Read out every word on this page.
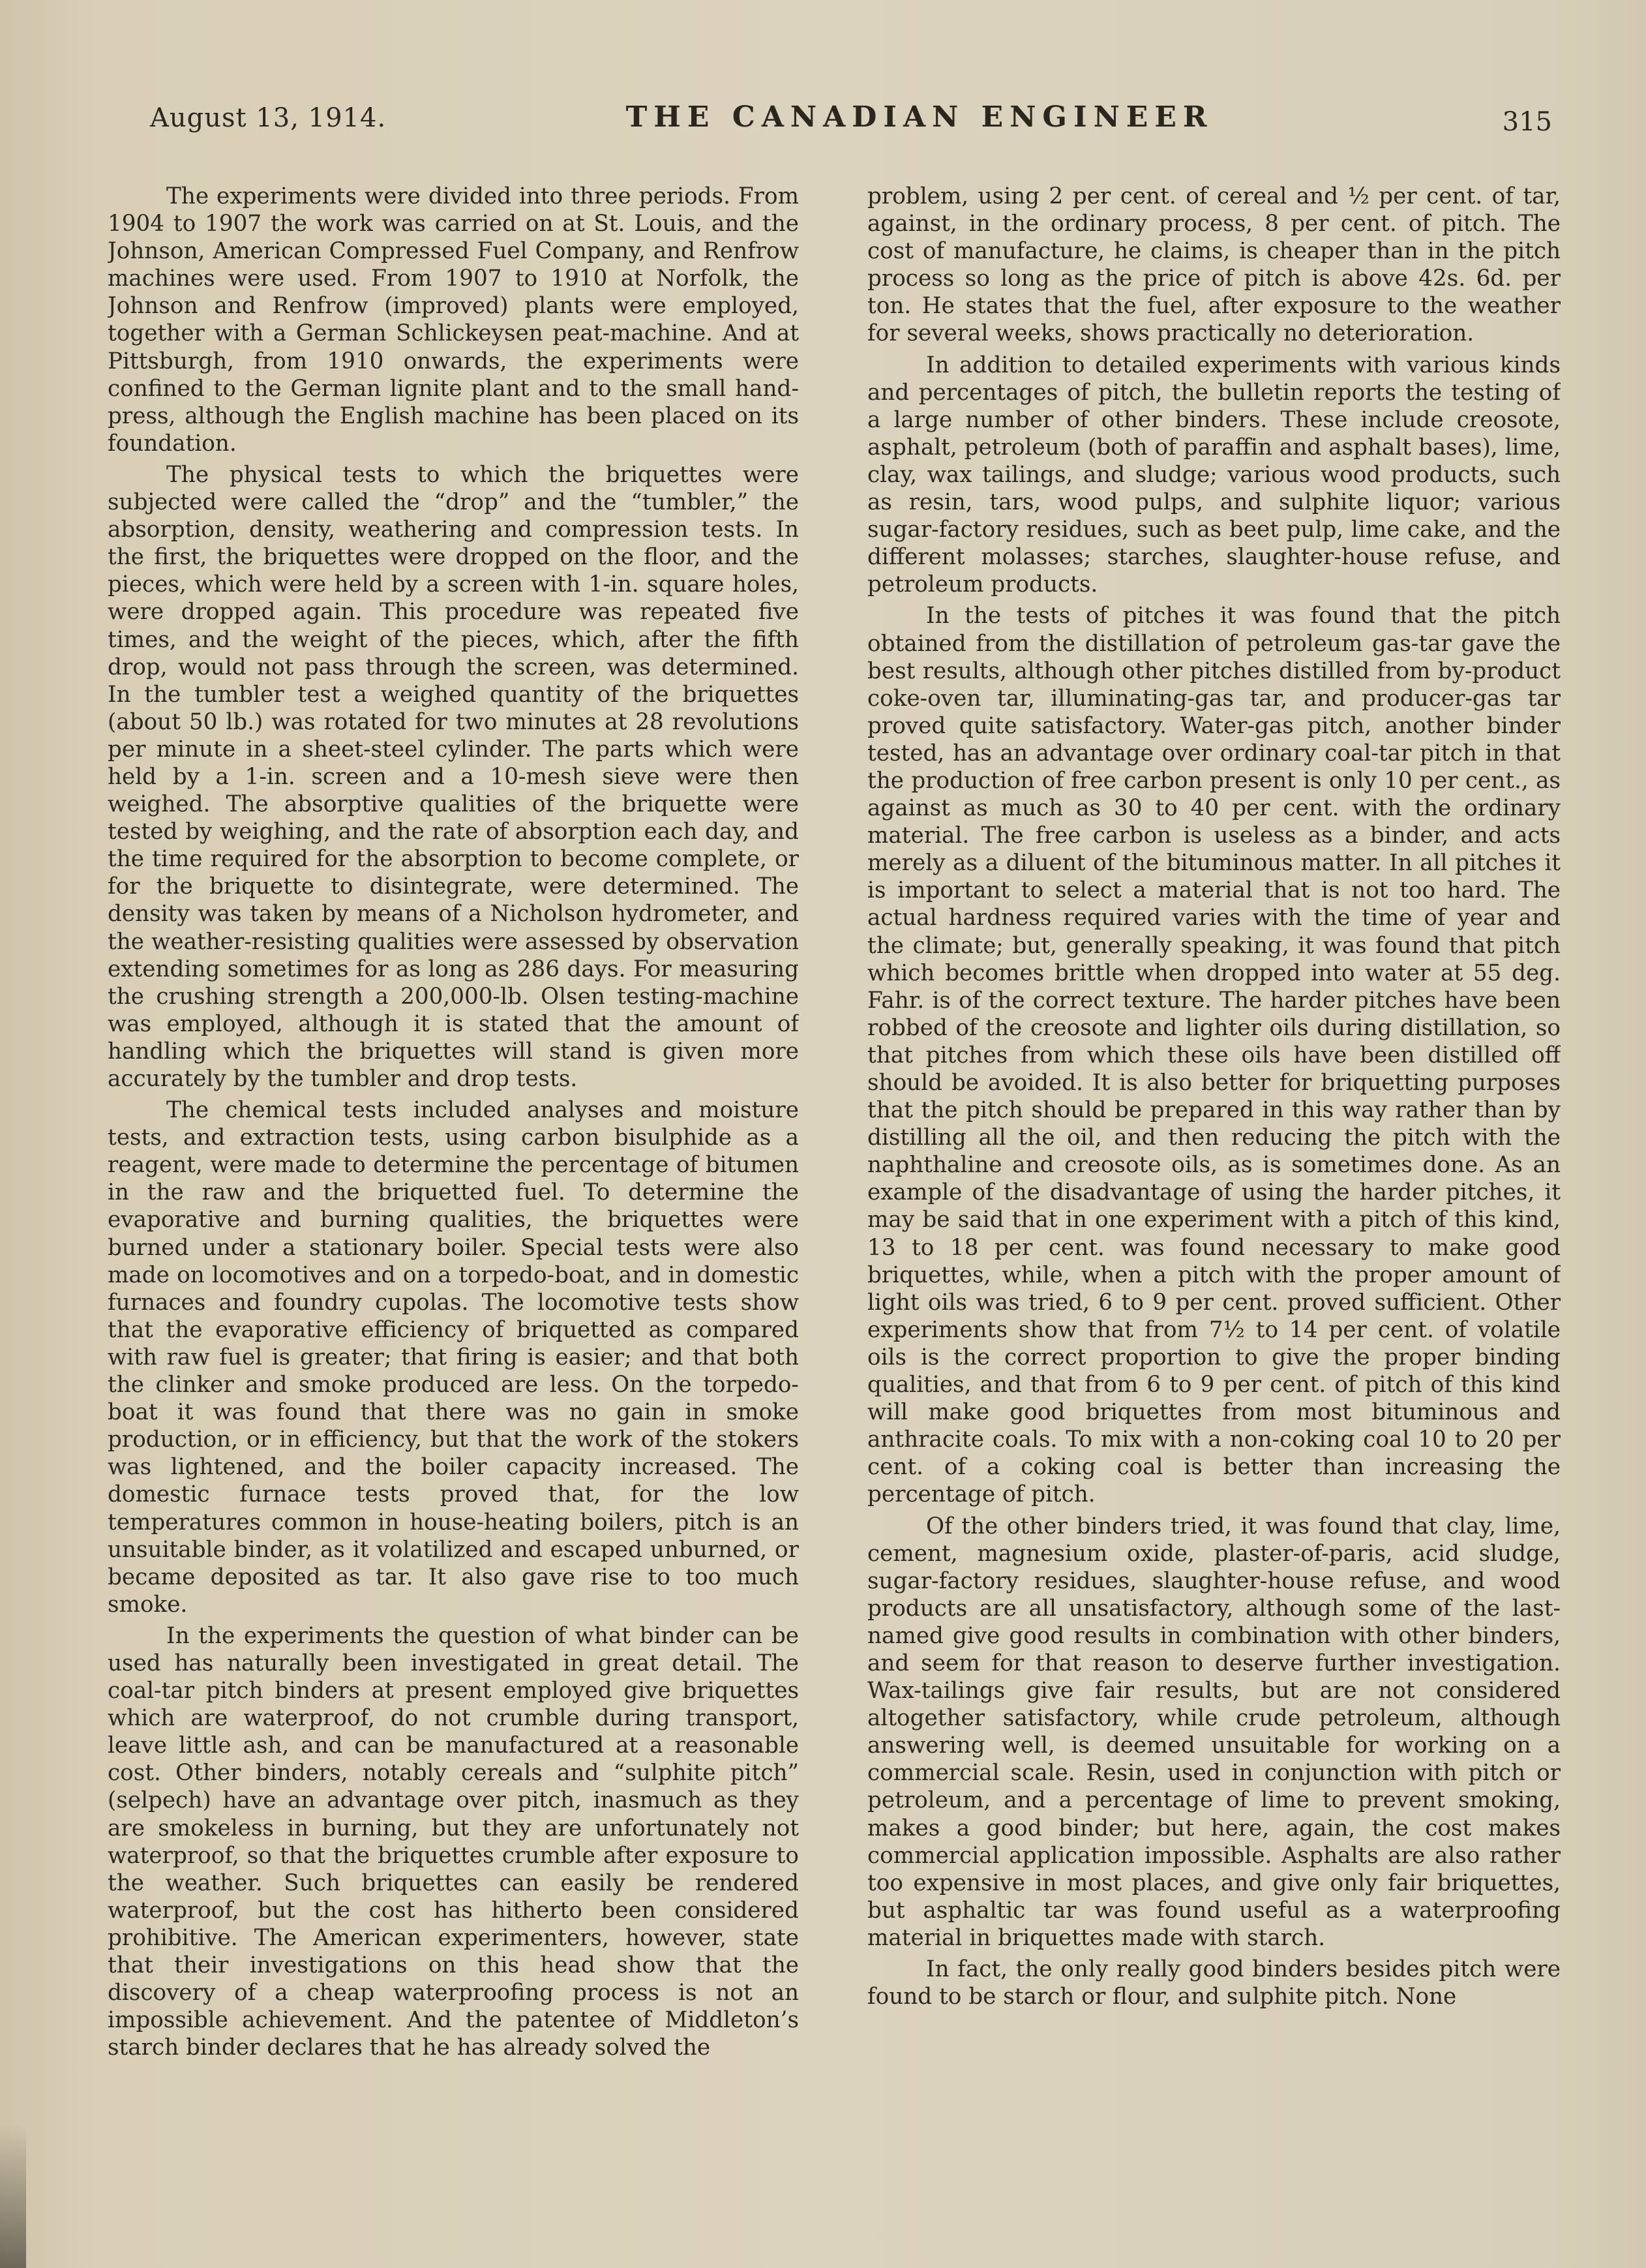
August 13, 1914.	THE CANADIAN ENGINEER	315

The experiments were divided into three periods. From 1904 to 1907 the work was carried on at St. Louis, and the Johnson, American Compressed Fuel Company, and Renfrow machines were used. From 1907 to 1910 at Norfolk, the Johnson and Renfrow (improved) plants were employed, together with a German Schlickeysen peat-machine. And at Pittsburgh, from 1910 onwards, the experiments were confined to the German lignite plant and to the small hand-press, although the English machine has been placed on its foundation.

The physical tests to which the briquettes were subjected were called the “drop” and the “tumbler,” the absorption, density, weathering and compression tests. In the first, the briquettes were dropped on the floor, and the pieces, which were held by a screen with 1-in. square holes, were dropped again. This procedure was repeated five times, and the weight of the pieces, which, after the fifth drop, would not pass through the screen, was determined. In the tumbler test a weighed quantity of the briquettes (about 50 lb.) was rotated for two minutes at 28 revolutions per minute in a sheet-steel cylinder. The parts which were held by a 1-in. screen and a 10-mesh sieve were then weighed. The absorptive qualities of the briquette were tested by weighing, and the rate of absorption each day, and the time required for the absorption to become complete, or for the briquette to disintegrate, were determined. The density was taken by means of a Nicholson hydrometer, and the weather-resisting qualities were assessed by observation extending sometimes for as long as 286 days. For measuring the crushing strength a 200,000-lb. Olsen testing-machine was employed, although it is stated that the amount of handling which the briquettes will stand is given more accurately by the tumbler and drop tests.

The chemical tests included analyses and moisture tests, and extraction tests, using carbon bisulphide as a reagent, were made to determine the percentage of bitumen in the raw and the briquetted fuel. To determine the evaporative and burning qualities, the briquettes were burned under a stationary boiler. Special tests were also made on locomotives and on a torpedo-boat, and in domestic furnaces and foundry cupolas. The locomotive tests show that the evaporative efficiency of briquetted as compared with raw fuel is greater; that firing is easier; and that both the clinker and smoke produced are less. On the torpedo-boat it was found that there was no gain in smoke production, or in efficiency, but that the work of the stokers was lightened, and the boiler capacity increased. The domestic furnace tests proved that, for the low temperatures common in house-heating boilers, pitch is an unsuitable binder, as it volatilized and escaped unburned, or became deposited as tar. It also gave rise to too much smoke.

In the experiments the question of what binder can be used has naturally been investigated in great detail. The coal-tar pitch binders at present employed give briquettes which are waterproof, do not crumble during transport, leave little ash, and can be manufactured at a reasonable cost. Other binders, notably cereals and “sulphite pitch” (selpech) have an advantage over pitch, inasmuch as they are smokeless in burning, but they are unfortunately not waterproof, so that the briquettes crumble after exposure to the weather. Such briquettes can easily be rendered waterproof, but the cost has hitherto been considered prohibitive. The American experimenters, however, state that their investigations on this head show that the discovery of a cheap waterproofing process is not an impossible achievement. And the patentee of Middleton’s starch binder declares that he has already solved the

problem, using 2 per cent. of cereal and ½ per cent. of tar, against, in the ordinary process, 8 per cent. of pitch. The cost of manufacture, he claims, is cheaper than in the pitch process so long as the price of pitch is above 42s. 6d. per ton. He states that the fuel, after exposure to the weather for several weeks, shows practically no deterioration.

In addition to detailed experiments with various kinds and percentages of pitch, the bulletin reports the testing of a large number of other binders. These include creosote, asphalt, petroleum (both of paraffin and asphalt bases), lime, clay, wax tailings, and sludge; various wood products, such as resin, tars, wood pulps, and sulphite liquor; various sugar-factory residues, such as beet pulp, lime cake, and the different molasses; starches, slaughter-house refuse, and petroleum products.

In the tests of pitches it was found that the pitch obtained from the distillation of petroleum gas-tar gave the best results, although other pitches distilled from by-product coke-oven tar, illuminating-gas tar, and producer-gas tar proved quite satisfactory. Water-gas pitch, another binder tested, has an advantage over ordinary coal-tar pitch in that the production of free carbon present is only 10 per cent., as against as much as 30 to 40 per cent. with the ordinary material. The free carbon is useless as a binder, and acts merely as a diluent of the bituminous matter. In all pitches it is important to select a material that is not too hard. The actual hardness required varies with the time of year and the climate; but, generally speaking, it was found that pitch which becomes brittle when dropped into water at 55 deg. Fahr. is of the correct texture. The harder pitches have been robbed of the creosote and lighter oils during distillation, so that pitches from which these oils have been distilled off should be avoided. It is also better for briquetting purposes that the pitch should be prepared in this way rather than by distilling all the oil, and then reducing the pitch with the naphthaline and creosote oils, as is sometimes done. As an example of the disadvantage of using the harder pitches, it may be said that in one experiment with a pitch of this kind, 13 to 18 per cent. was found necessary to make good briquettes, while, when a pitch with the proper amount of light oils was tried, 6 to 9 per cent. proved sufficient. Other experiments show that from 7½ to 14 per cent. of volatile oils is the correct proportion to give the proper binding qualities, and that from 6 to 9 per cent. of pitch of this kind will make good briquettes from most bituminous and anthracite coals. To mix with a non-coking coal 10 to 20 per cent. of a coking coal is better than increasing the percentage of pitch.

Of the other binders tried, it was found that clay, lime, cement, magnesium oxide, plaster-of-paris, acid sludge, sugar-factory residues, slaughter-house refuse, and wood products are all unsatisfactory, although some of the last-named give good results in combination with other binders, and seem for that reason to deserve further investigation. Wax-tailings give fair results, but are not considered altogether satisfactory, while crude petroleum, although answering well, is deemed unsuitable for working on a commercial scale. Resin, used in conjunction with pitch or petroleum, and a percentage of lime to prevent smoking, makes a good binder; but here, again, the cost makes commercial application impossible. Asphalts are also rather too expensive in most places, and give only fair briquettes, but asphaltic tar was found useful as a waterproofing material in briquettes made with starch.

In fact, the only really good binders besides pitch were found to be starch or flour, and sulphite pitch. None
